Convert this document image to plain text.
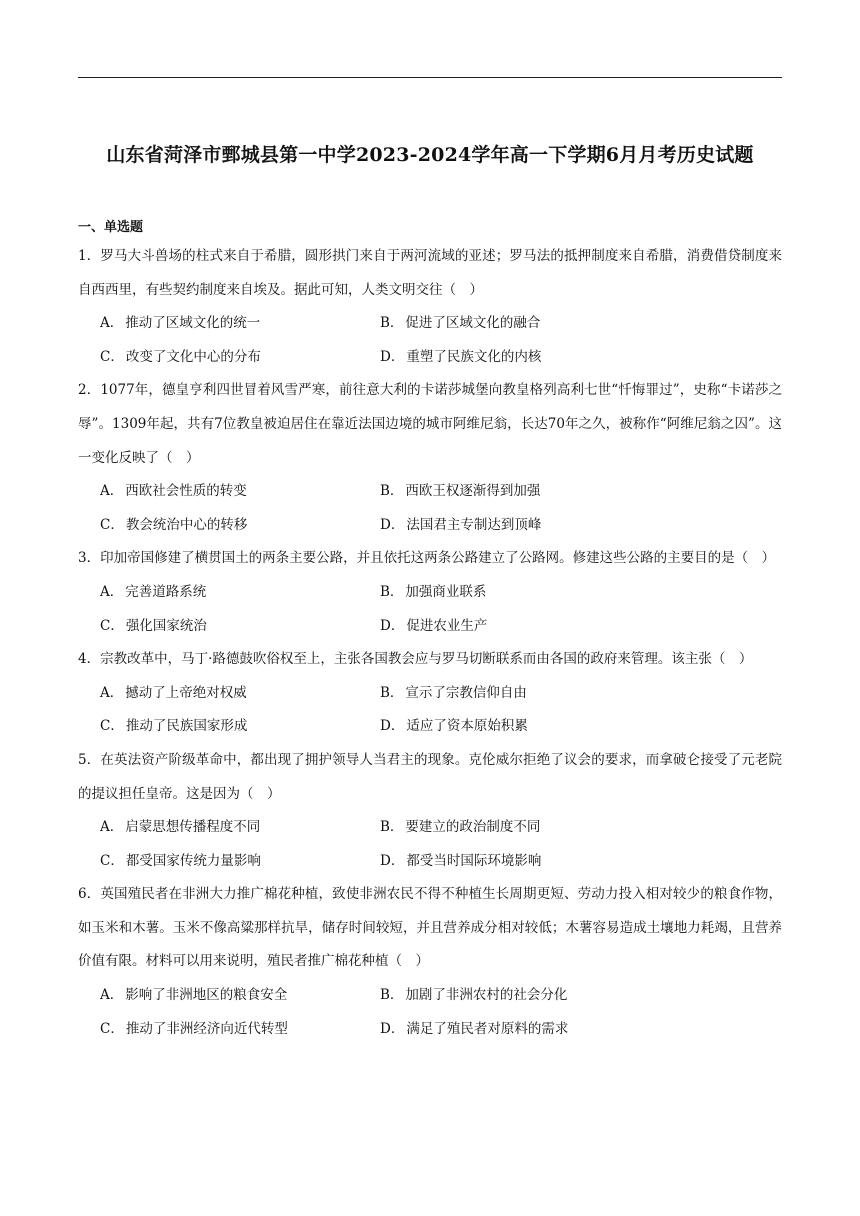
山东省菏泽市鄄城县第一中学2023-2024学年高一下学期6月月考历史试题
一、单选题

1．罗马大斗兽场的柱式来自于希腊，圆形拱门来自于两河流域的亚述；罗马法的抵押制度来自希腊，消费借贷制度来自西西里，有些契约制度来自埃及。据此可知，人类文明交往（　）

A． 推动了区域文化的统一	B． 促进了区域文化的融合
C． 改变了文化中心的分布	D． 重塑了民族文化的内核

2．1077年，德皇亨利四世冒着风雪严寒，前往意大利的卡诺莎城堡向教皇格列高利七世“忏悔罪过”，史称“卡诺莎之辱”。1309年起，共有7位教皇被迫居住在靠近法国边境的城市阿维尼翁，长达70年之久，被称作“阿维尼翁之囚”。这一变化反映了（　）

A． 西欧社会性质的转变	B． 西欧王权逐渐得到加强
C． 教会统治中心的转移	D． 法国君主专制达到顶峰

3．印加帝国修建了横贯国土的两条主要公路，并且依托这两条公路建立了公路网。修建这些公路的主要目的是（　）

A． 完善道路系统	B． 加强商业联系
C． 强化国家统治	D． 促进农业生产

4．宗教改革中，马丁·路德鼓吹俗权至上，主张各国教会应与罗马切断联系而由各国的政府来管理。该主张（　）

A． 撼动了上帝绝对权威	B． 宣示了宗教信仰自由
C． 推动了民族国家形成	D． 适应了资本原始积累

5．在英法资产阶级革命中，都出现了拥护领导人当君主的现象。克伦威尔拒绝了议会的要求，而拿破仑接受了元老院的提议担任皇帝。这是因为（　）

A． 启蒙思想传播程度不同	B． 要建立的政治制度不同
C． 都受国家传统力量影响	D． 都受当时国际环境影响

6．英国殖民者在非洲大力推广棉花种植，致使非洲农民不得不种植生长周期更短、劳动力投入相对较少的粮食作物，如玉米和木薯。玉米不像高粱那样抗旱，储存时间较短，并且营养成分相对较低；木薯容易造成土壤地力耗竭，且营养价值有限。材料可以用来说明，殖民者推广棉花种植（　）

A． 影响了非洲地区的粮食安全	B． 加剧了非洲农村的社会分化
C． 推动了非洲经济向近代转型	D． 满足了殖民者对原料的需求
